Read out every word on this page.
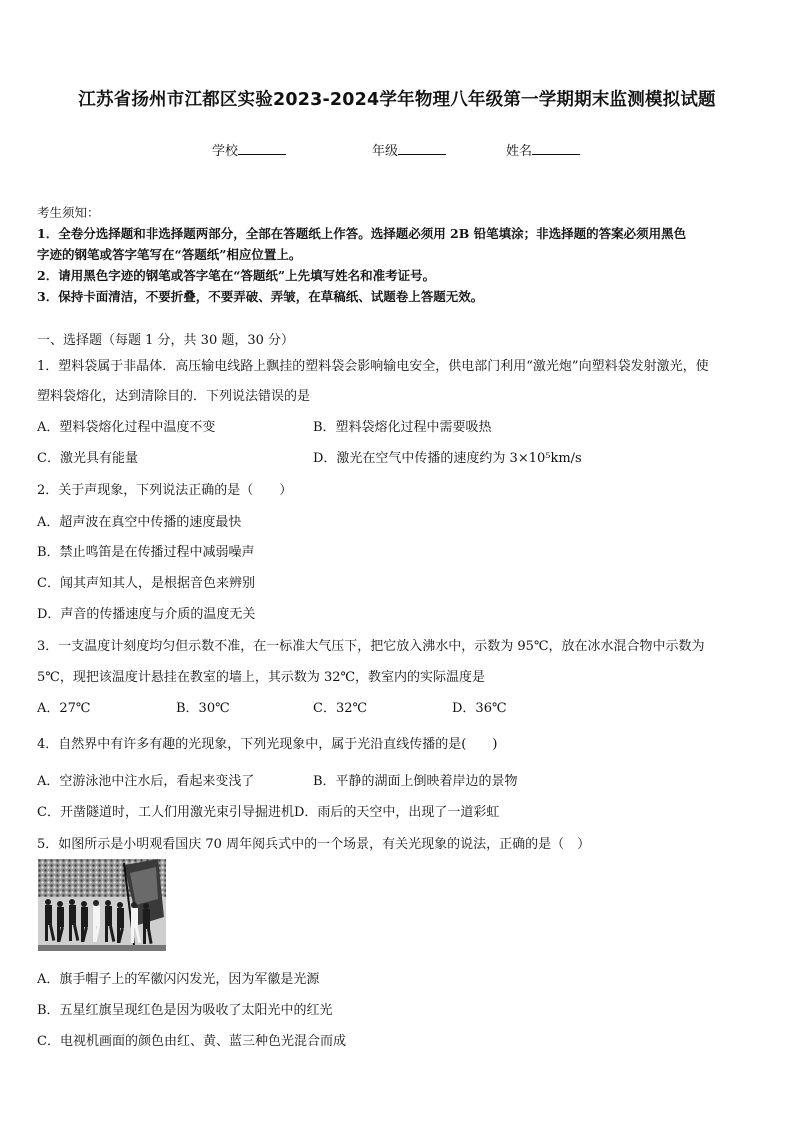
江苏省扬州市江都区实验2023-2024学年物理八年级第一学期期末监测模拟试题
学校	年级	姓名
考生须知：
1．全卷分选择题和非选择题两部分，全部在答题纸上作答。选择题必须用 2B 铅笔填涂；非选择题的答案必须用黑色
字迹的钢笔或答字笔写在“答题纸”相应位置上。
2．请用黑色字迹的钢笔或答字笔在“答题纸”上先填写姓名和准考证号。
3．保持卡面清洁，不要折叠，不要弄破、弄皱，在草稿纸、试题卷上答题无效。
一、选择题（每题 1 分，共 30 题，30 分）
1．塑料袋属于非晶体．高压输电线路上飘挂的塑料袋会影响输电安全，供电部门利用“激光炮”向塑料袋发射激光，使
塑料袋熔化，达到清除目的．下列说法错误的是
A．塑料袋熔化过程中温度不变	B．塑料袋熔化过程中需要吸热
C．激光具有能量	D．激光在空气中传播的速度约为 3×10⁵km/s
2．关于声现象，下列说法正确的是（　　）
A．超声波在真空中传播的速度最快
B．禁止鸣笛是在传播过程中减弱噪声
C．闻其声知其人，是根据音色来辨别
D．声音的传播速度与介质的温度无关
3．一支温度计刻度均匀但示数不准，在一标准大气压下，把它放入沸水中，示数为 95℃，放在冰水混合物中示数为
5℃，现把该温度计悬挂在教室的墙上，其示数为 32℃，教室内的实际温度是
A．27℃	B．30℃	C．32℃	D．36℃
4．自然界中有许多有趣的光现象，下列光现象中，属于光沿直线传播的是(　　)
A．空游泳池中注水后，看起来变浅了	B．平静的湖面上倒映着岸边的景物
C．开凿隧道时，工人们用激光束引导掘进机D．雨后的天空中，出现了一道彩虹
5．如图所示是小明观看国庆 70 周年阅兵式中的一个场景，有关光现象的说法，正确的是（　）
A．旗手帽子上的军徽闪闪发光，因为军徽是光源
B．五星红旗呈现红色是因为吸收了太阳光中的红光
C．电视机画面的颜色由红、黄、蓝三种色光混合而成
